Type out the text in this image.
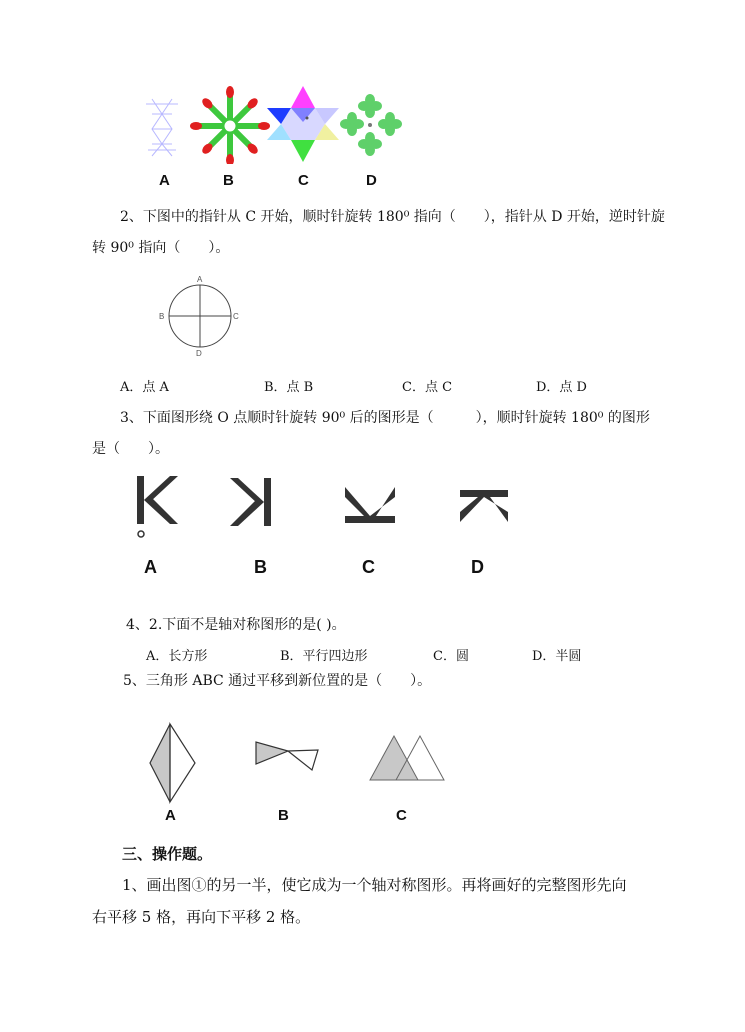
A	B	C	D
2、下图中的指针从 C 开始，顺时针旋转 180⁰ 指向（　　），指针从 D 开始，逆时针旋
转 90⁰ 指向（　　）。
A
B	C
D
A．点 A	B．点 B	C．点 C	D．点 D
3、下面图形绕 O 点顺时针旋转 90⁰ 后的图形是（　　　），顺时针旋转 180⁰ 的图形
是（　　）。
A	B	C	D
4、2.下面不是轴对称图形的是( )。
A．长方形	B．平行四边形	C．圆	D．半圆
5、三角形 ABC 通过平移到新位置的是（　　）。
A	B	C
三、操作题。
1、画出图①的另一半，使它成为一个轴对称图形。再将画好的完整图形先向
右平移 5 格，再向下平移 2 格。
